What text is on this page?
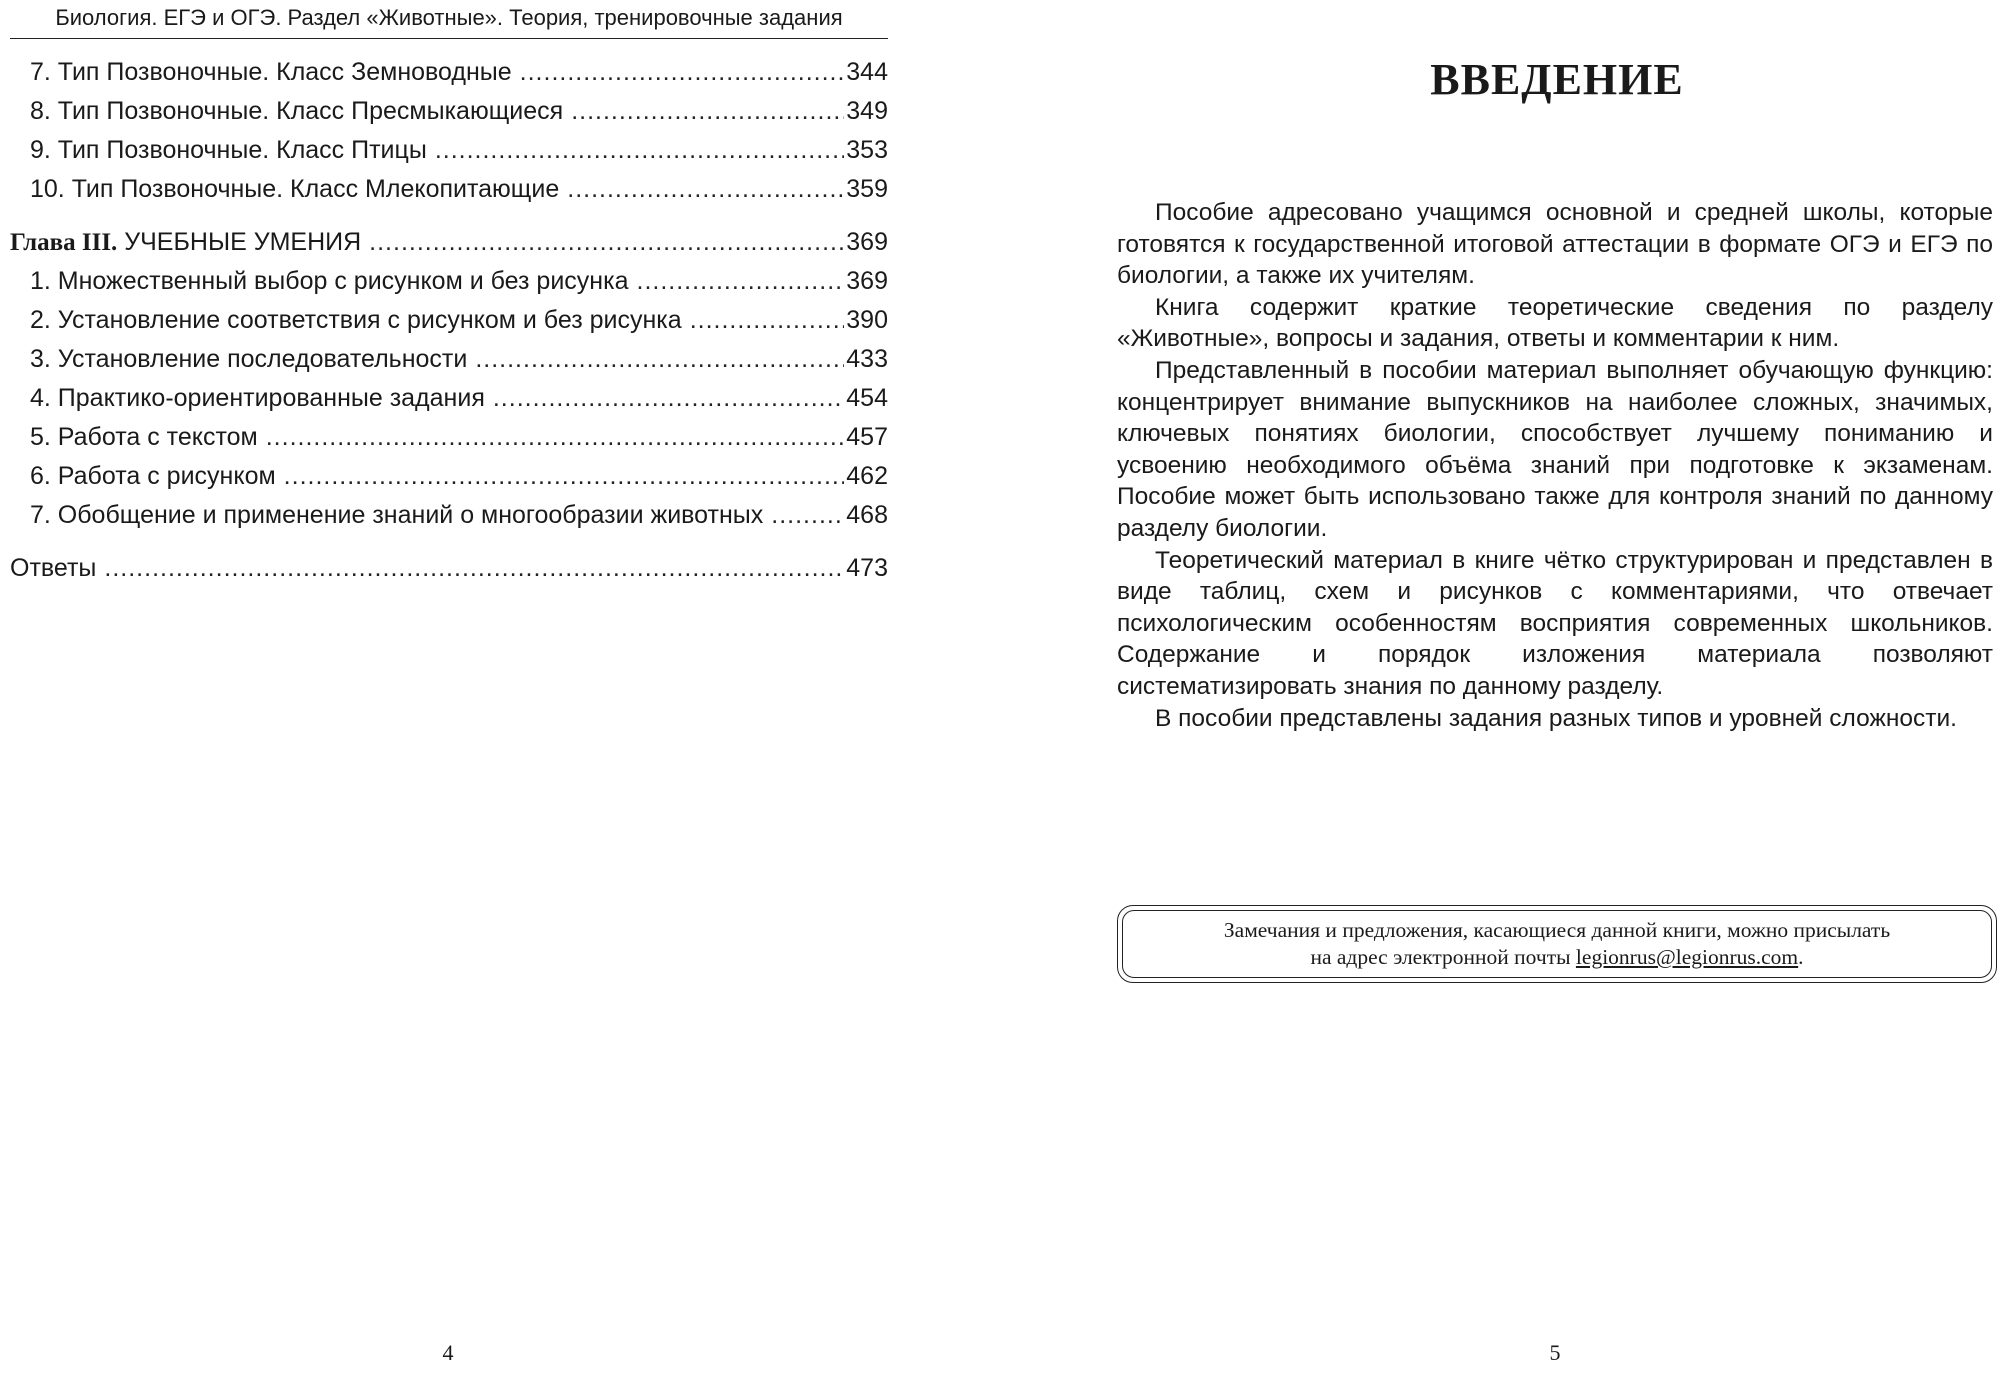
Биология. ЕГЭ и ОГЭ. Раздел «Животные». Теория, тренировочные задания
7. Тип Позвоночные. Класс Земноводные .....	344
8. Тип Позвоночные. Класс Пресмыкающиеся .....	349
9. Тип Позвоночные. Класс Птицы .....	353
10. Тип Позвоночные. Класс Млекопитающие .....	359
Глава III. УЧЕБНЫЕ УМЕНИЯ .....	369
1. Множественный выбор с рисунком и без рисунка .....	369
2. Установление соответствия с рисунком и без рисунка .....	390
3. Установление последовательности .....	433
4. Практико-ориентированные задания .....	454
5. Работа с текстом .....	457
6. Работа с рисунком .....	462
7. Обобщение и применение знаний о многообразии животных .....	468
Ответы .....	473
4
ВВЕДЕНИЕ

Пособие адресовано учащимся основной и средней школы, которые готовятся к государственной итоговой аттестации в формате ОГЭ и ЕГЭ по биологии, а также их учителям.

Книга содержит краткие теоретические сведения по разделу «Животные», вопросы и задания, ответы и комментарии к ним.

Представленный в пособии материал выполняет обучающую функцию: концентрирует внимание выпускников на наиболее сложных, значимых, ключевых понятиях биологии, способствует лучшему пониманию и усвоению необходимого объёма знаний при подготовке к экзаменам. Пособие может быть использовано также для контроля знаний по данному разделу биологии.

Теоретический материал в книге чётко структурирован и представлен в виде таблиц, схем и рисунков с комментариями, что отвечает психологическим особенностям восприятия современных школьников. Содержание и порядок изложения материала позволяют систематизировать знания по данному разделу.

В пособии представлены задания разных типов и уровней сложности.

Замечания и предложения, касающиеся данной книги, можно присылать
на адрес электронной почты legionrus@legionrus.com.
5
